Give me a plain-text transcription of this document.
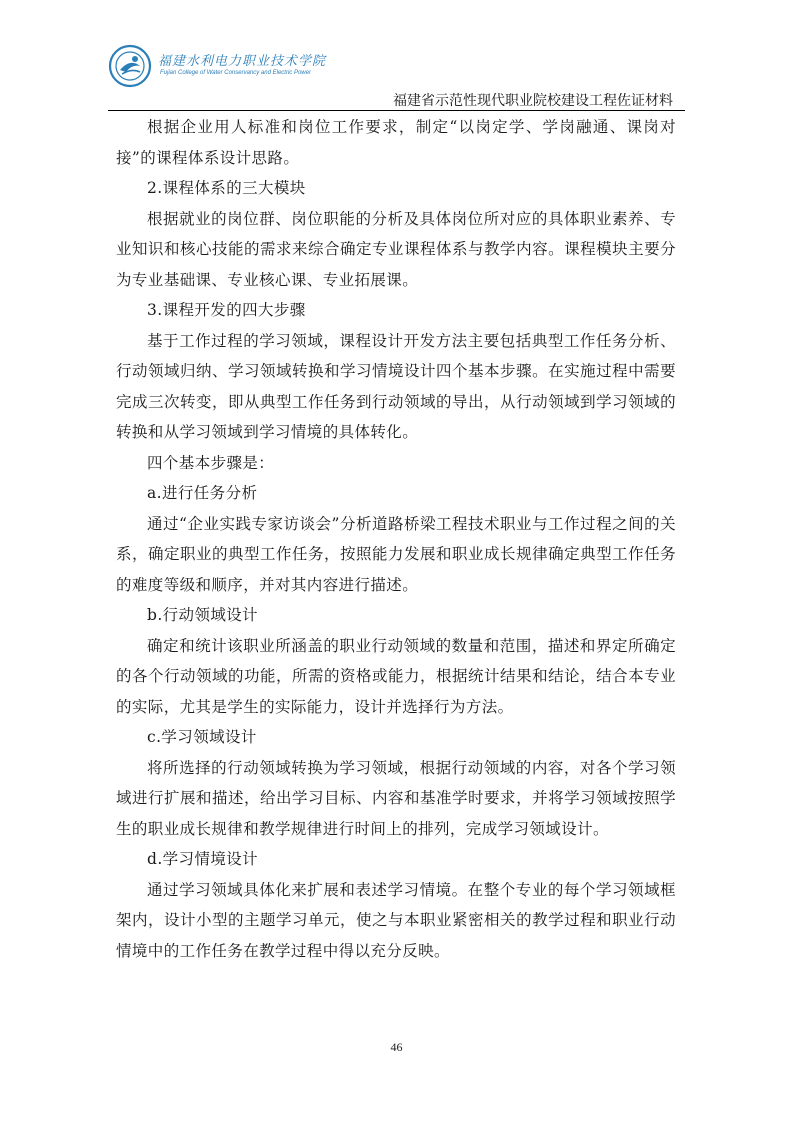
福建水利电力职业技术学院
Fujian College of Water Conservancy and Electric Power
福建省示范性现代职业院校建设工程佐证材料

根据企业用人标准和岗位工作要求，制定“以岗定学、学岗融通、课岗对接”的课程体系设计思路。

2.课程体系的三大模块

根据就业的岗位群、岗位职能的分析及具体岗位所对应的具体职业素养、专业知识和核心技能的需求来综合确定专业课程体系与教学内容。课程模块主要分为专业基础课、专业核心课、专业拓展课。

3.课程开发的四大步骤

基于工作过程的学习领域，课程设计开发方法主要包括典型工作任务分析、行动领域归纳、学习领域转换和学习情境设计四个基本步骤。在实施过程中需要完成三次转变，即从典型工作任务到行动领域的导出，从行动领域到学习领域的转换和从学习领域到学习情境的具体转化。

四个基本步骤是：

a.进行任务分析

通过“企业实践专家访谈会”分析道路桥梁工程技术职业与工作过程之间的关系，确定职业的典型工作任务，按照能力发展和职业成长规律确定典型工作任务的难度等级和顺序，并对其内容进行描述。

b.行动领域设计

确定和统计该职业所涵盖的职业行动领域的数量和范围，描述和界定所确定的各个行动领域的功能，所需的资格或能力，根据统计结果和结论，结合本专业的实际，尤其是学生的实际能力，设计并选择行为方法。

c.学习领域设计

将所选择的行动领域转换为学习领域，根据行动领域的内容，对各个学习领域进行扩展和描述，给出学习目标、内容和基准学时要求，并将学习领域按照学生的职业成长规律和教学规律进行时间上的排列，完成学习领域设计。

d.学习情境设计

通过学习领域具体化来扩展和表述学习情境。在整个专业的每个学习领域框架内，设计小型的主题学习单元，使之与本职业紧密相关的教学过程和职业行动情境中的工作任务在教学过程中得以充分反映。

46
